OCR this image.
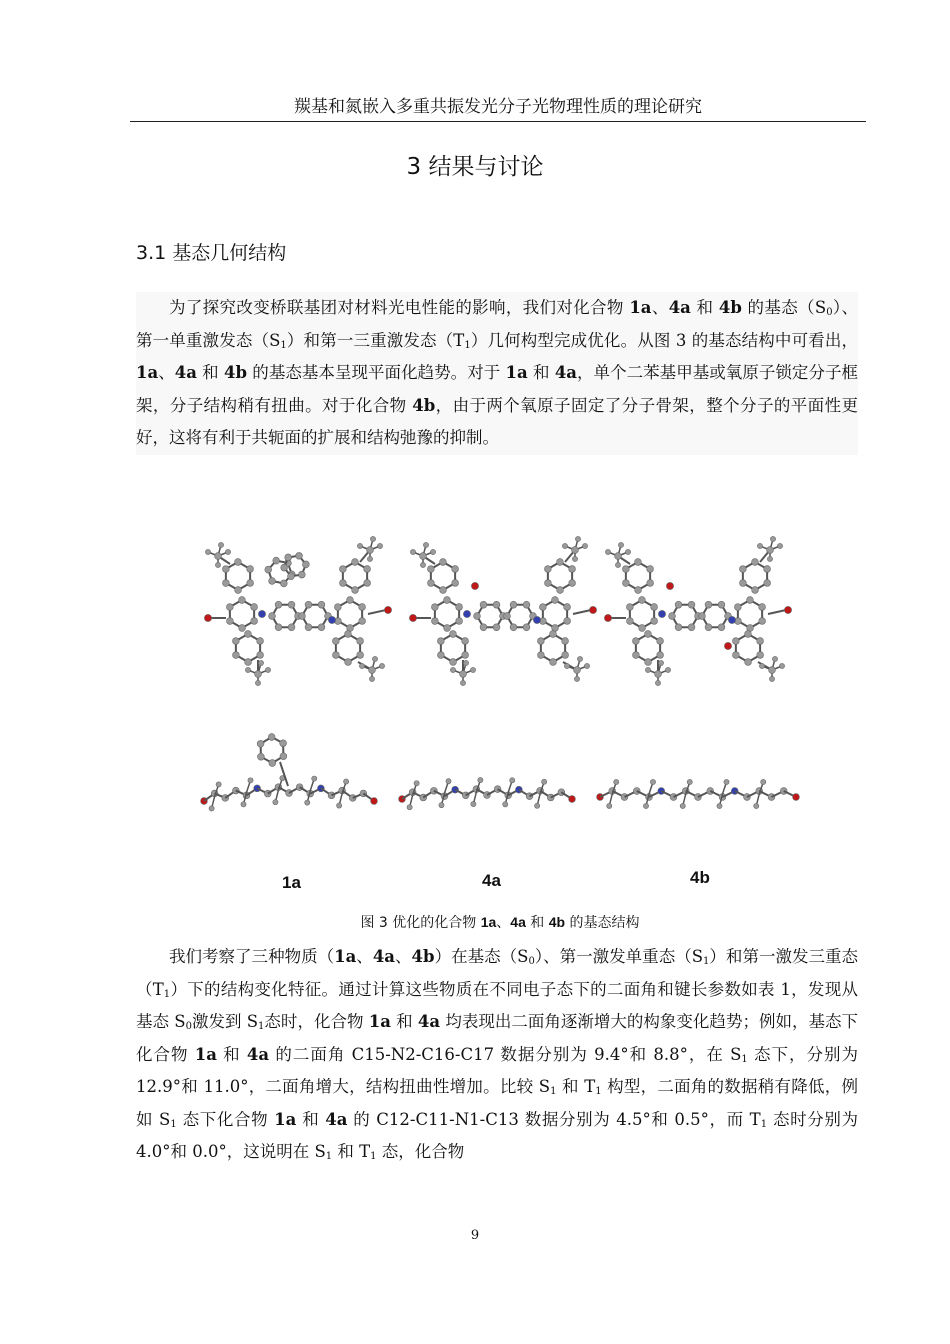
羰基和氮嵌入多重共振发光分子光物理性质的理论研究
3 结果与讨论
3.1 基态几何结构

为了探究改变桥联基团对材料光电性能的影响，我们对化合物 1a、4a 和 4b 的基态$(S_0)$、第一单重激发态$(S_1)$和第一三重激发态$(T_1)$几何构型完成优化。从图 3 的基态结构中可看出，1a、4a 和 4b 的基态基本呈现平面化趋势。对于 1a 和 4a，单个二苯基甲基或氧原子锁定分子框架，分子结构稍有扭曲。对于化合物 4b，由于两个氧原子固定了分子骨架，整个分子的平面性更好，这将有利于共轭面的扩展和结构弛豫的抑制。

1a	4a	4b
图 3 优化的化合物 1a、4a 和 4b 的基态结构

我们考察了三种物质（1a、4a、4b）在基态$(S_0)$、第一激发单重态$(S_1)$和第一激发三重态$(T_1)$下的结构变化特征。通过计算这些物质在不同电子态下的二面角和键长参数如表 1，发现从基态 $S_0$激发到 $S_1$态时，化合物 1a 和 4a 均表现出二面角逐渐增大的构象变化趋势；例如，基态下化合物 1a 和 4a 的二面角 C15-N2-C16-C17 数据分别为 9.4°和 8.8°，在 $S_1$ 态下，分别为 12.9°和 11.0°，二面角增大，结构扭曲性增加。比较 $S_1$ 和 $T_1$ 构型，二面角的数据稍有降低，例如 $S_1$ 态下化合物 1a 和 4a 的 C12-C11-N1-C13 数据分别为 4.5°和 0.5°，而 $T_1$ 态时分别为 4.0°和 0.0°，这说明在 $S_1$ 和 $T_1$ 态，化合物

9
